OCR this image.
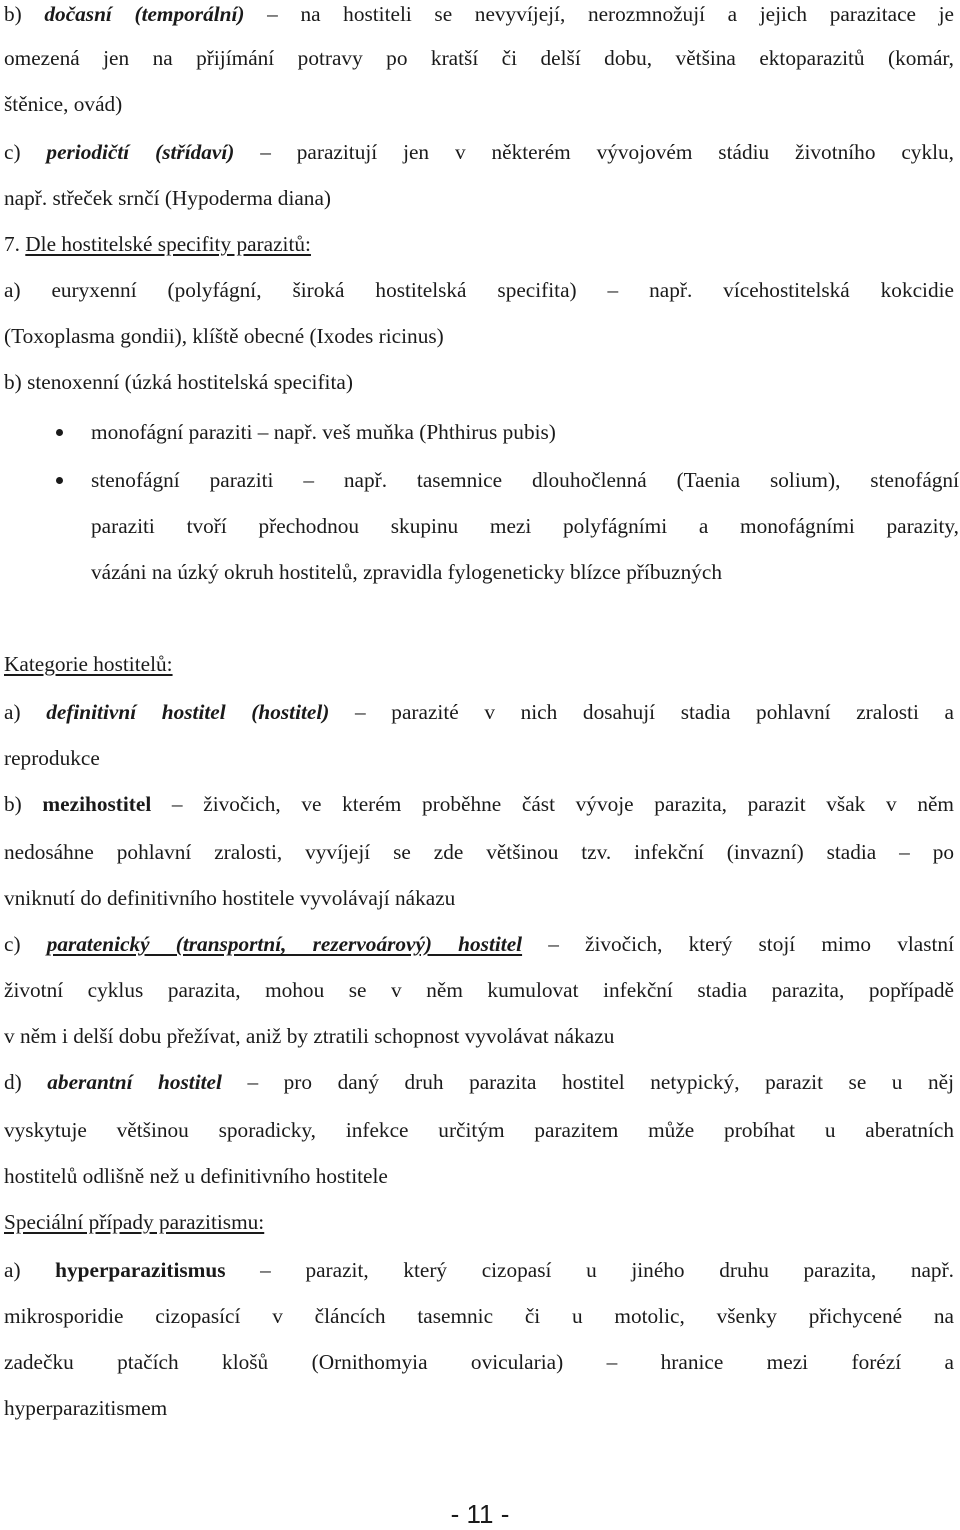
b) dočasní (temporální) – na hostiteli se nevyvíjejí, nerozmnožují a jejich parazitace je

omezená jen na přijímání potravy po kratší či delší dobu, většina ektoparazitů (komár,

štěnice, ovád)

c) periodičtí (střídaví) – parazitují jen v některém vývojovém stádiu životního cyklu,

např. střeček srnčí (Hypoderma diana)

7. Dle hostitelské specifity parazitů:

a) euryxenní (polyfágní, široká hostitelská specifita) – např. vícehostitelská kokcidie

(Toxoplasma gondii), klíště obecné (Ixodes ricinus)

b) stenoxenní (úzká hostitelská specifita)

monofágní paraziti – např. veš muňka (Phthirus pubis)

stenofágní paraziti – např. tasemnice dlouhočlenná (Taenia solium), stenofágní

paraziti tvoří přechodnou skupinu mezi polyfágními a monofágními parazity,

vázáni na úzký okruh hostitelů, zpravidla fylogeneticky blízce příbuzných

Kategorie hostitelů:

a) definitivní hostitel (hostitel) – parazité v nich dosahují stadia pohlavní zralosti a

reprodukce

b) mezihostitel – živočich, ve kterém proběhne část vývoje parazita, parazit však v něm

nedosáhne pohlavní zralosti, vyvíjejí se zde většinou tzv. infekční (invazní) stadia – po

vniknutí do definitivního hostitele vyvolávají nákazu

c) paratenický (transportní, rezervoárový) hostitel – živočich, který stojí mimo vlastní

životní cyklus parazita, mohou se v něm kumulovat infekční stadia parazita, popřípadě

v něm i delší dobu přežívat, aniž by ztratili schopnost vyvolávat nákazu

d) aberantní hostitel – pro daný druh parazita hostitel netypický, parazit se u něj

vyskytuje většinou sporadicky, infekce určitým parazitem může probíhat u aberatních

hostitelů odlišně než u definitivního hostitele

Speciální případy parazitismu:

a) hyperparazitismus – parazit, který cizopasí u jiného druhu parazita, např.

mikrosporidie cizopasící v článcích tasemnic či u motolic, všenky přichycené na

zadečku ptačích klošů (Ornithomyia ovicularia) – hranice mezi forézí a

hyperparazitismem

- 11 -
